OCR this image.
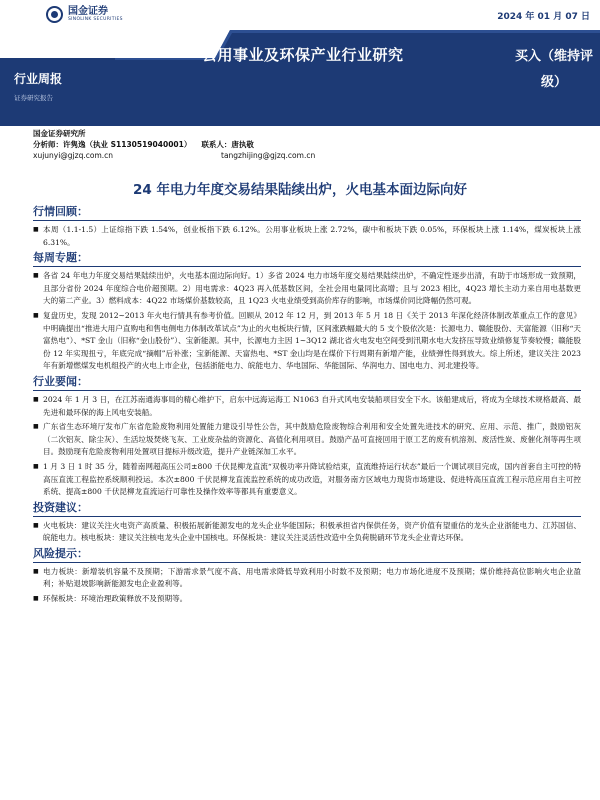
国金证券
SINOLINK SECURITIES	2024 年 01 月 07 日
行业周报
证券研究报告
公用事业及环保产业行业研究	买入（维持评级）
国金证券研究所
分析师：许隽逸（执业 S1130519040001） 联系人：唐执敬
xujunyi@gjzq.com.cn	tangzhijing@gjzq.com.cn
24 年电力年度交易结果陆续出炉，火电基本面边际向好
行情回顾：
■ 本周（1.1-1.5）上证综指下跌 1.54%，创业板指下跌 6.12%。公用事业板块上涨 2.72%，碳中和板块下跌 0.05%，环保板块上涨 1.14%，煤炭板块上涨 6.31%。
每周专题：
■ 各省 24 年电力年度交易结果陆续出炉，火电基本面边际向好。1）多省 2024 电力市场年度交易结果陆续出炉，不确定性逐步出清，有助于市场形成一致预期，且部分省份 2024 年度综合电价超预期。2）用电需求：4Q23 再入低基数区间，全社会用电量同比高增；且与 2023 相比，4Q23 增长主动力来自用电基数更大的第二产业。3）燃料成本：4Q22 市场煤价基数较高，且 1Q23 火电业绩受到高价库存的影响，市场煤价同比降幅仍然可观。
■ 复盘历史，发现 2012~2013 年火电行情具有参考价值。回顾从 2012 年 12 月，到 2013 年 5 月 18 日《关于 2013 年深化经济体制改革重点工作的意见》中明确提出“推进大用户直购电和售电侧电力体制改革试点”为止的火电板块行情，区间涨跌幅最大的 5 支个股依次是：长源电力、赣能股份、天富能源（旧称“天富热电”）、*ST 金山（旧称“金山股份”）、宝新能源。其中，长源电力主因 1~3Q12 湖北省火电发电空间受到汛期水电大发挤压导致业绩修复节奏较慢；赣能股份 12 年实现扭亏，年底完成“摘帽”后补涨；宝新能源、天富热电、*ST 金山均是在煤价下行周期有新增产能，业绩弹性得到放大。综上所述，建议关注 2023 年有新增燃煤发电机组投产的火电上市企业，包括浙能电力、皖能电力、华电国际、华能国际、华润电力、国电电力、河北建投等。
行业要闻：
■ 2024 年 1 月 3 日，在江苏南通海事局的精心维护下，启东中远海运海工 N1063 自升式风电安装船项目安全下水。该船建成后，将成为全球技术规格最高、最先进和最环保的海上风电安装船。
■ 广东省生态环境厅发布广东省危险废物利用处置能力建设引导性公告，其中鼓励危险废物综合利用和安全处置先进技术的研究、应用、示范、推广，鼓励铝灰（二次铝灰、除尘灰）、生活垃圾焚烧飞灰、工业废杂盐的资源化、高值化利用项目。鼓励产品可直接回用于原工艺的废有机溶剂、废活性炭、废催化剂等再生项目。鼓励现有危险废物利用处置项目提标升级改造，提升产业链深加工水平。
■ 1 月 3 日 1 时 35 分，随着南网超高压公司±800 千伏昆柳龙直流“双极功率升降试验结束，直流维持运行状态”最后一个调试项目完成，国内首套自主可控的特高压直流工程监控系统顺利投运。本次±800 千伏昆柳龙直流监控系统的成功改造，对服务南方区域电力现货市场建设、促进特高压直流工程示范应用自主可控系统、提高±800 千伏昆柳龙直流运行可靠性及操作效率等都具有重要意义。
投资建议：
■ 火电板块：建议关注火电资产高质量、积极拓展新能源发电的龙头企业华能国际；积极承担省内保供任务，资产价值有望重估的龙头企业浙能电力、江苏国信、皖能电力。核电板块：建议关注核电龙头企业中国核电。环保板块：建议关注灵活性改造中全负荷脱硝环节龙头企业青达环保。
风险提示：
■ 电力板块：新增装机容量不及预期；下游需求景气度不高、用电需求降低导致利用小时数不及预期；电力市场化进度不及预期；煤价维持高位影响火电企业盈利；补贴退坡影响新能源发电企业盈利等。
■ 环保板块：环境治理政策释放不及预期等。
